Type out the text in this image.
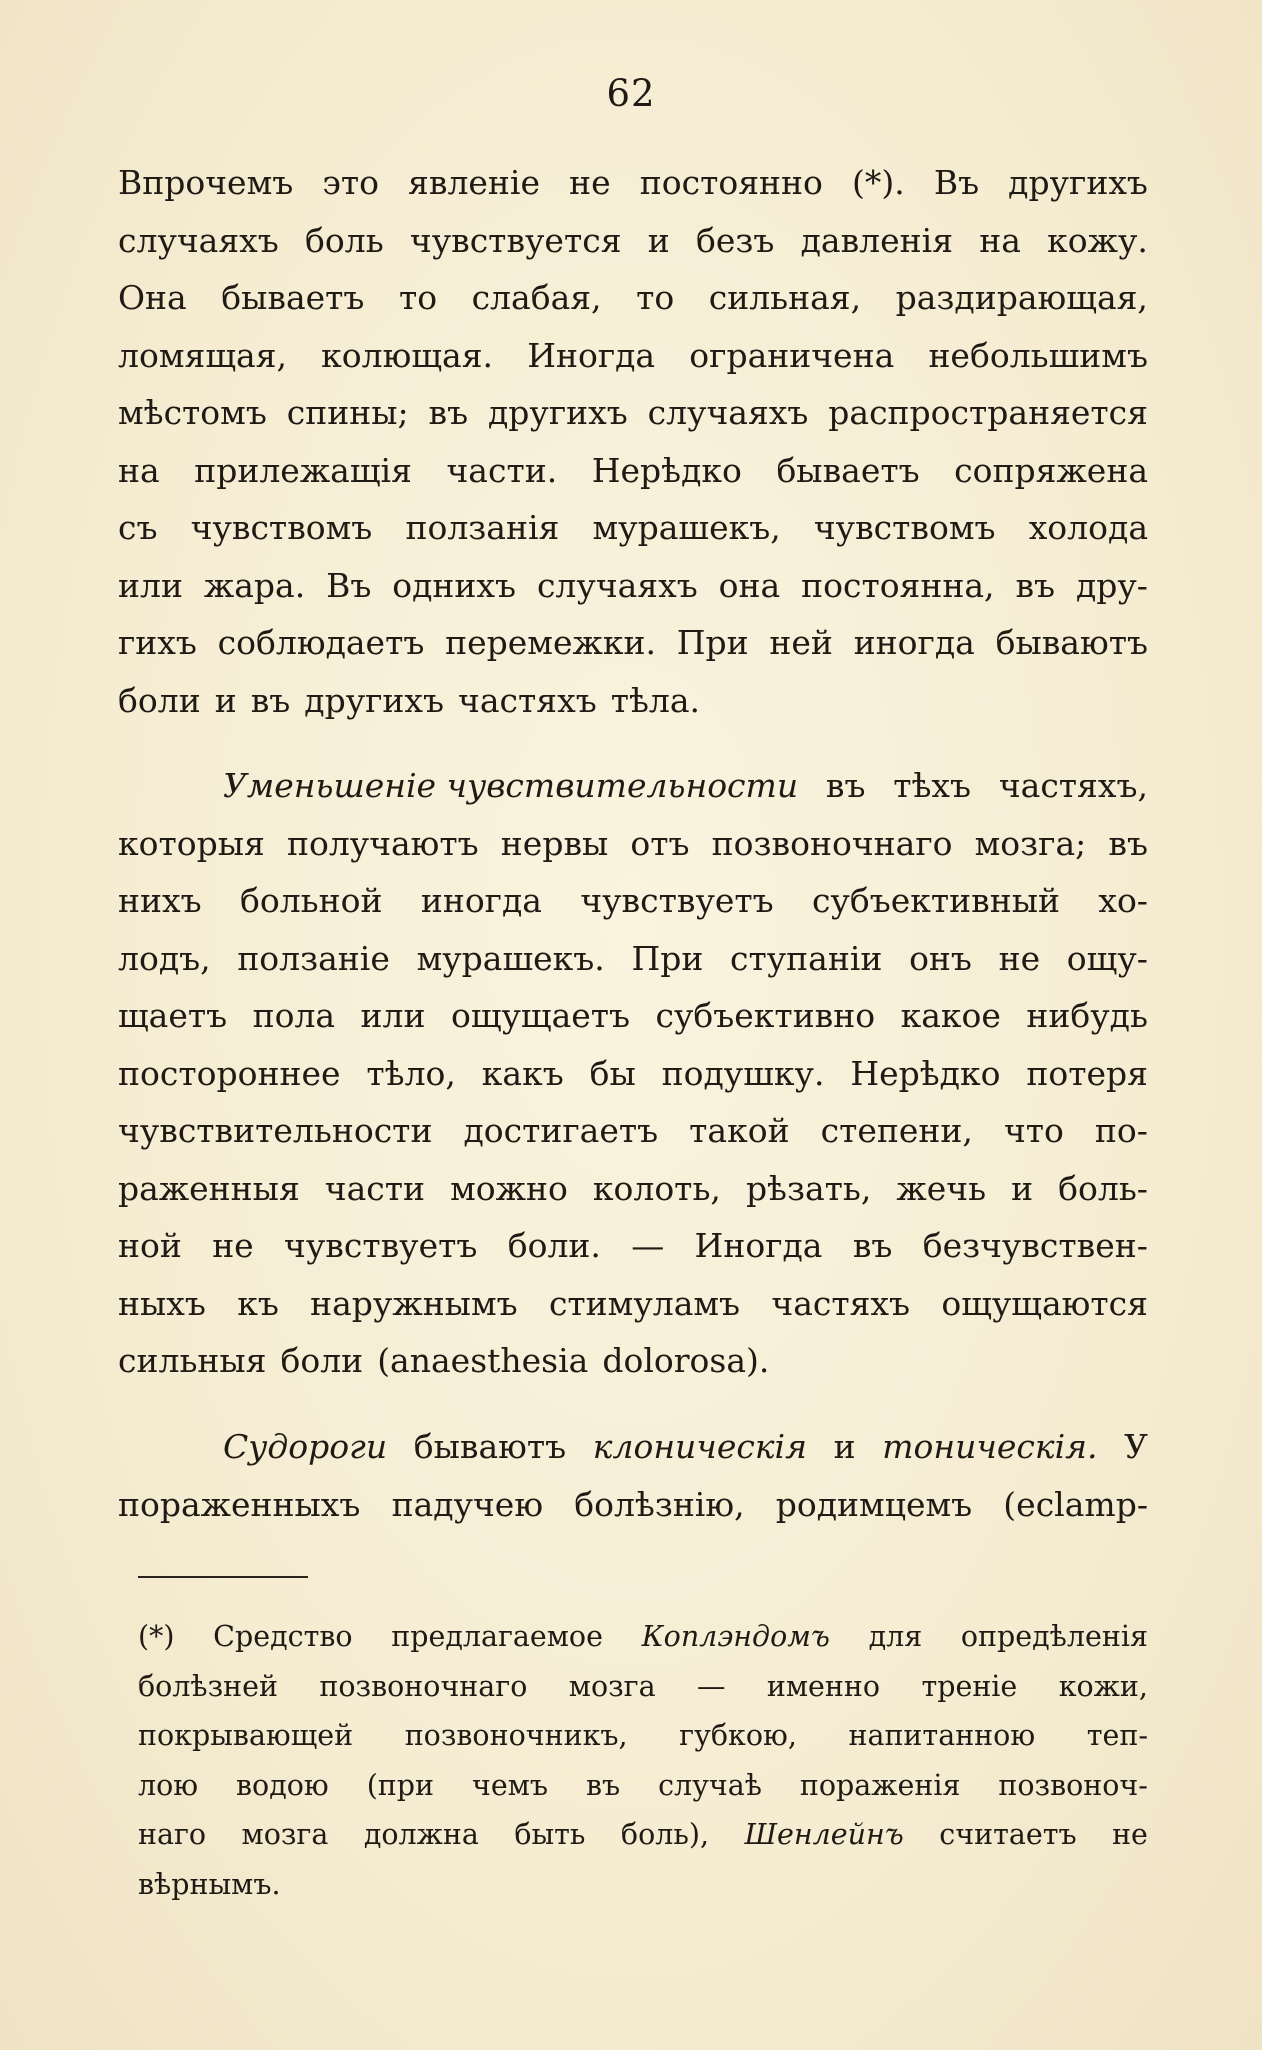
62
Впрочемъ это явленіе не постоянно (*). Въ другихъ
случаяхъ боль чувствуется и безъ давленія на кожу.
Она бываетъ то слабая, то сильная, раздирающая,
ломящая, колющая. Иногда ограничена небольшимъ
мѣстомъ спины; въ другихъ случаяхъ распространяется
на прилежащія части. Нерѣдко бываетъ сопряжена
съ чувствомъ ползанія мурашекъ, чувствомъ холода
или жара. Въ однихъ случаяхъ она постоянна, въ дру-
гихъ соблюдаетъ перемежки. При ней иногда бываютъ
боли и въ другихъ частяхъ тѣла.
Уменьшеніе чувствительности въ тѣхъ частяхъ,
которыя получаютъ нервы отъ позвоночнаго мозга; въ
нихъ больной иногда чувствуетъ субъективный хо-
лодъ, ползаніе мурашекъ. При ступаніи онъ не ощу-
щаетъ пола или ощущаетъ субъективно какое нибудь
постороннее тѣло, какъ бы подушку. Нерѣдко потеря
чувствительности достигаетъ такой степени, что по-
раженныя части можно колоть, рѣзать, жечь и боль-
ной не чувствуетъ боли. — Иногда въ безчувствен-
ныхъ къ наружнымъ стимуламъ частяхъ ощущаются
сильныя боли (anaesthesia dolorosa).
Судороги бываютъ клоническія и тоническія. У
пораженныхъ падучею болѣзнію, родимцемъ (eclamp-
(*) Средство предлагаемое Коплэндомъ для опредѣленія
болѣзней позвоночнаго мозга — именно треніе кожи,
покрывающей позвоночникъ, губкою, напитанною теп-
лою водою (при чемъ въ случаѣ пораженія позвоноч-
наго мозга должна быть боль), Шенлейнъ считаетъ не
вѣрнымъ.
